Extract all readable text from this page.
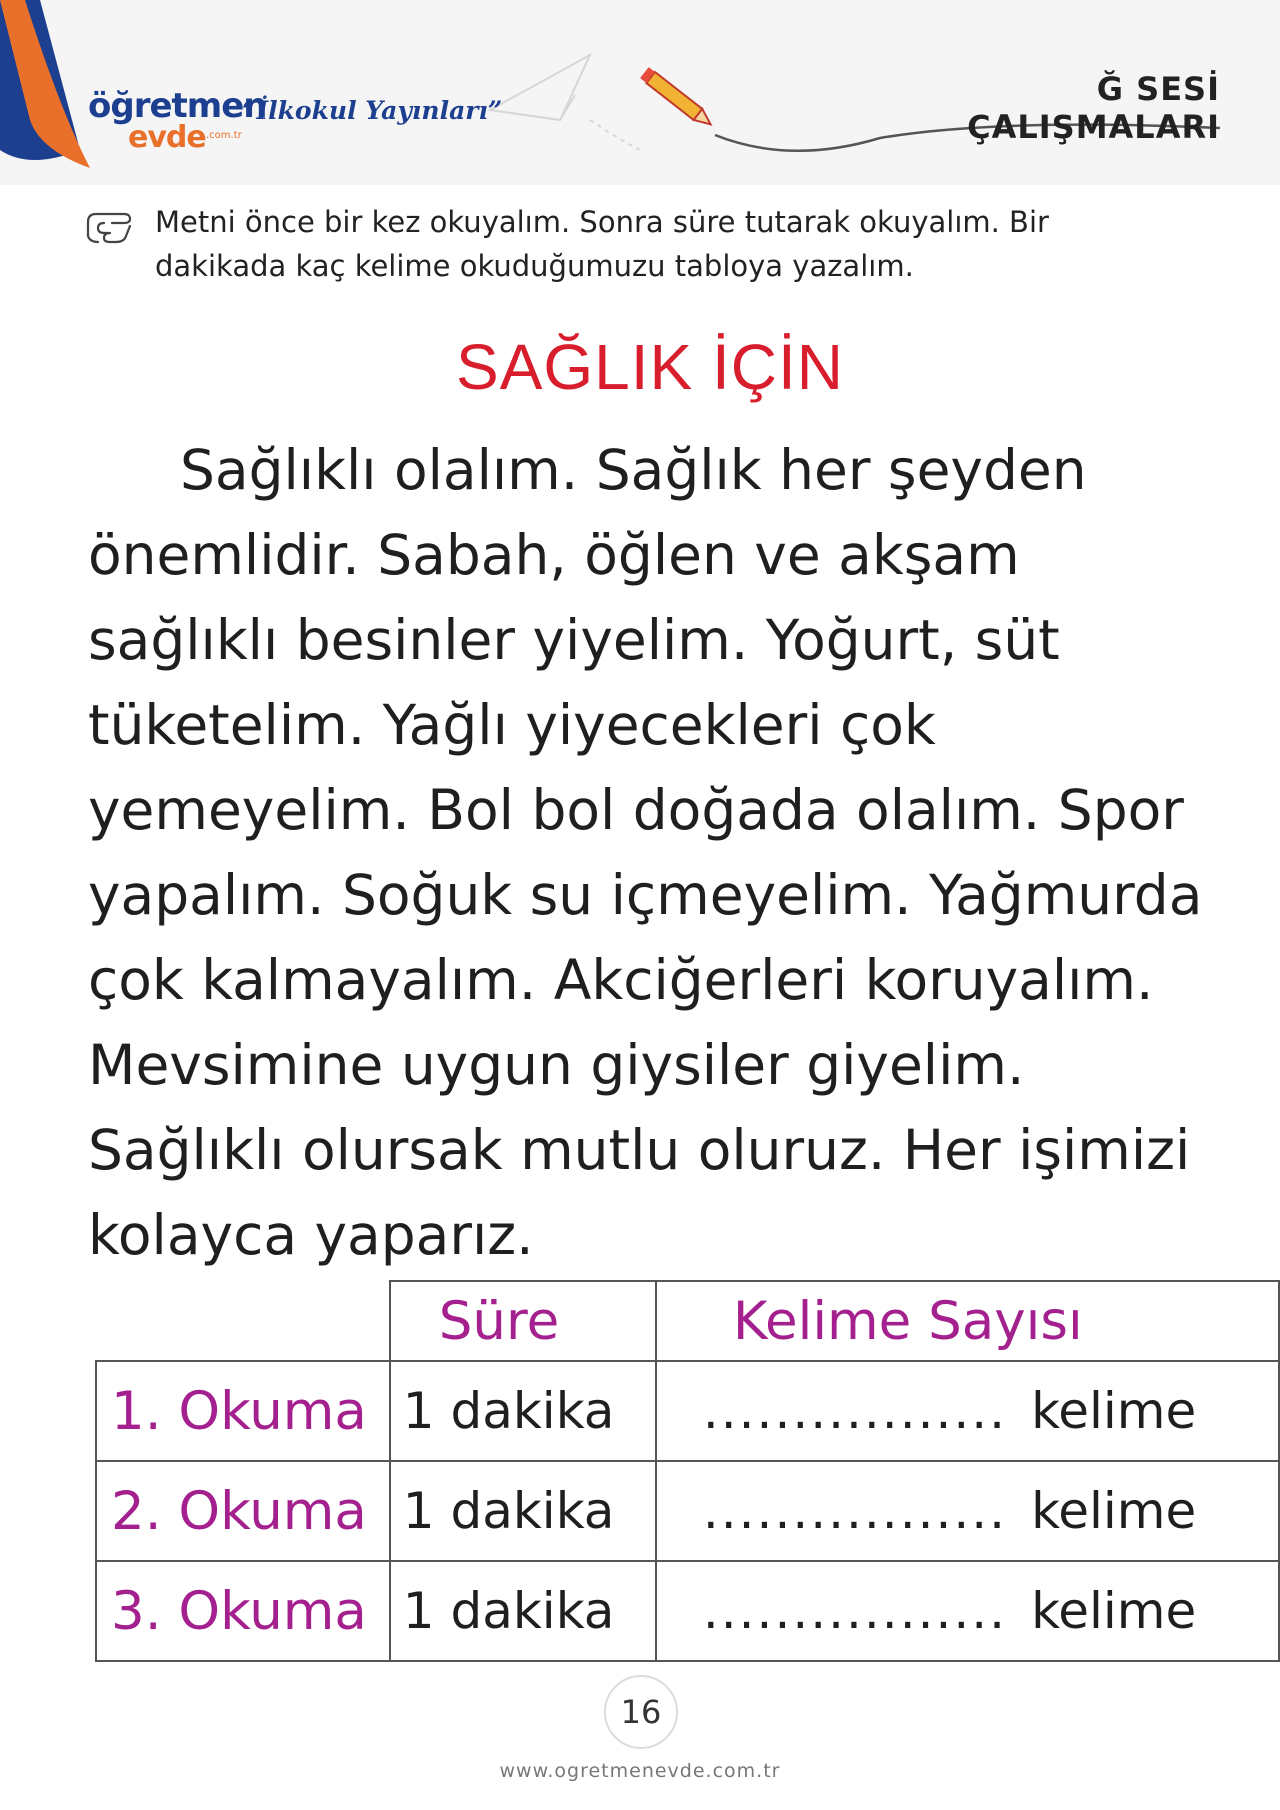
öğretmen
evde .com.tr
“İlkokul Yayınları”
Ğ SESİ ÇALIŞMALARI
Metni önce bir kez okuyalım. Sonra süre tutarak okuyalım. Bir dakikada kaç kelime okuduğumuzu tabloya yazalım.
SAĞLIK İÇİN

Sağlıklı olalım. Sağlık her şeyden önemlidir. Sabah, öğlen ve akşam sağlıklı besinler yiyelim. Yoğurt, süt tüketelim. Yağlı yiyecekleri çok yemeyelim. Bol bol doğada olalım. Spor yapalım. Soğuk su içmeyelim. Yağmurda çok kalmayalım. Akciğerleri koruyalım. Mevsimine uygun giysiler giyelim. Sağlıklı olursak mutlu oluruz. Her işimizi kolayca yaparız.

	Süre	Kelime Sayısı
1. Okuma	1 dakika	................. kelime
2. Okuma	1 dakika	................. kelime
3. Okuma	1 dakika	................. kelime
16
www.ogretmenevde.com.tr
